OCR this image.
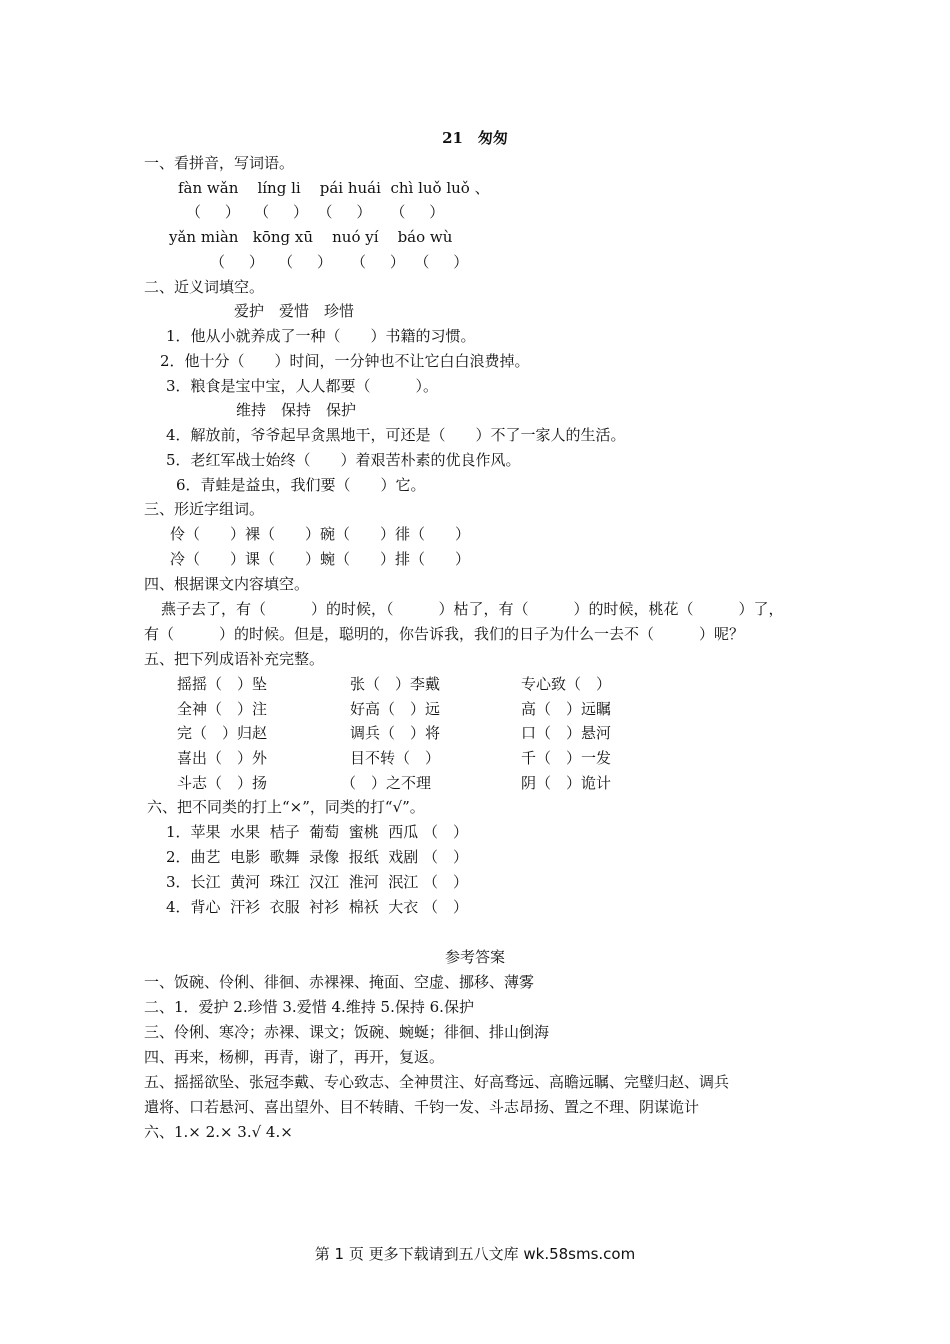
21　匆匆
一、看拼音，写词语。
fàn wǎn    líng li    pái huái  chì luǒ luǒ 、
（     ）   （     ）  （     ）    （     ）
yǎn miàn   kōng xū    nuó yí    báo wù
（     ）   （     ）    （     ）  （     ）
二、近义词填空。
爱护　爱惜　珍惜
1．他从小就养成了一种（　　）书籍的习惯。
2．他十分（　　）时间，一分钟也不让它白白浪费掉。
3．粮食是宝中宝，人人都要（　　　）。
维持　保持　保护
4．解放前，爷爷起早贪黑地干，可还是（　　）不了一家人的生活。
5．老红军战士始终（　　）着艰苦朴素的优良作风。
6．青蛙是益虫，我们要（　　）它。
三、形近字组词。
伶（　　）裸（　　）碗（　　）徘（　　）
冷（　　）课（　　）蜿（　　）排（　　）
四、根据课文内容填空。
燕子去了，有（　　　）的时候，（　　　）枯了，有（　　　）的时候，桃花（　　　）了，
有（　　　）的时候。但是，聪明的，你告诉我，我们的日子为什么一去不（　　　）呢？
五、把下列成语补充完整。
摇摇（　）坠
全神（　）注
完（　）归赵
喜出（　）外
斗志（　）扬
张（　）李戴
好高（　）远
调兵（　）将
目不转（　）
（　）之不理
专心致（　）
高（　）远瞩
口（　）悬河
千（　）一发
阴（　）诡计
六、把不同类的打上“×”，同类的打“√”。
1．苹果  水果  桔子  葡萄  蜜桃  西瓜 （　）
2．曲艺  电影  歌舞  录像  报纸  戏剧 （　）
3．长江  黄河  珠江  汉江  淮河  泯江 （　）
4．背心  汗衫  衣服  衬衫  棉袄  大衣 （　）
参考答案
一、饭碗、伶俐、徘徊、赤裸裸、掩面、空虚、挪移、薄雾
二、1．爱护 2.珍惜 3.爱惜 4.维持 5.保持 6.保护
三、伶俐、寒冷；赤裸、课文；饭碗、蜿蜒；徘徊、排山倒海
四、再来，杨柳，再青，谢了，再开，复返。
五、摇摇欲坠、张冠李戴、专心致志、全神贯注、好高骛远、高瞻远瞩、完璧归赵、调兵
遣将、口若悬河、喜出望外、目不转睛、千钧一发、斗志昂扬、置之不理、阴谋诡计
六、1.× 2.× 3.√ 4.×
第 1 页 更多下载请到五八文库 wk.58sms.com
